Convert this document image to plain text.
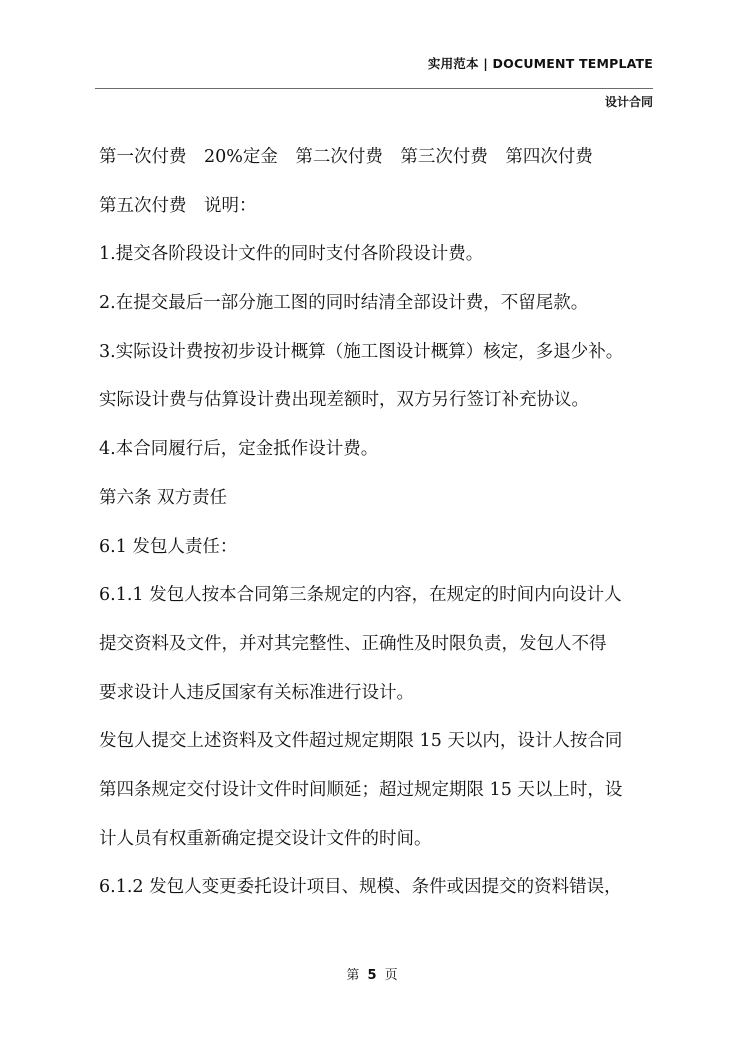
实用范本 | DOCUMENT TEMPLATE
设计合同
第一次付费　20%定金　第二次付费　第三次付费　第四次付费
第五次付费　说明：
1.提交各阶段设计文件的同时支付各阶段设计费。
2.在提交最后一部分施工图的同时结清全部设计费，不留尾款。
3.实际设计费按初步设计概算（施工图设计概算）核定，多退少补。
实际设计费与估算设计费出现差额时，双方另行签订补充协议。
4.本合同履行后，定金抵作设计费。
第六条 双方责任
6.1 发包人责任：
6.1.1 发包人按本合同第三条规定的内容，在规定的时间内向设计人
提交资料及文件，并对其完整性、正确性及时限负责，发包人不得
要求设计人违反国家有关标准进行设计。
发包人提交上述资料及文件超过规定期限 15 天以内，设计人按合同
第四条规定交付设计文件时间顺延；超过规定期限 15 天以上时，设
计人员有权重新确定提交设计文件的时间。
6.1.2 发包人变更委托设计项目、规模、条件或因提交的资料错误，
第 5 页
